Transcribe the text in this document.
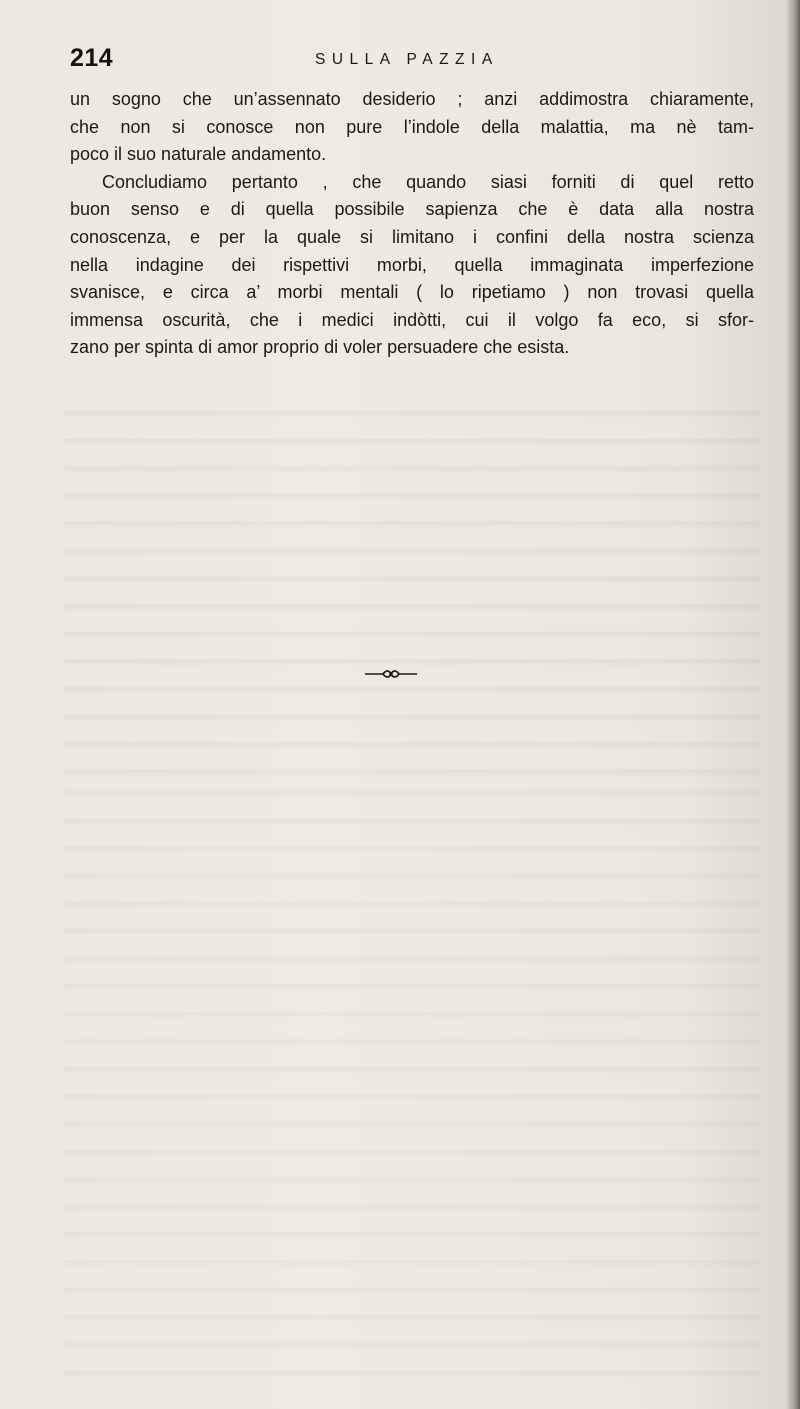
214	SULLA PAZZIA
un sogno che un’assennato desiderio ; anzi addimostra chiaramente,
che non si conosce non pure l’indole della malattia, ma nè tam-
poco il suo naturale andamento.
Concludiamo pertanto , che quando siasi forniti di quel retto
buon senso e di quella possibile sapienza che è data alla nostra
conoscenza, e per la quale si limitano i confini della nostra scienza
nella indagine dei rispettivi morbi, quella immaginata imperfezione
svanisce, e circa a’ morbi mentali ( lo ripetiamo ) non trovasi quella
immensa oscurità, che i medici indòtti, cui il volgo fa eco, si sfor-
zano per spinta di amor proprio di voler persuadere che esista.
